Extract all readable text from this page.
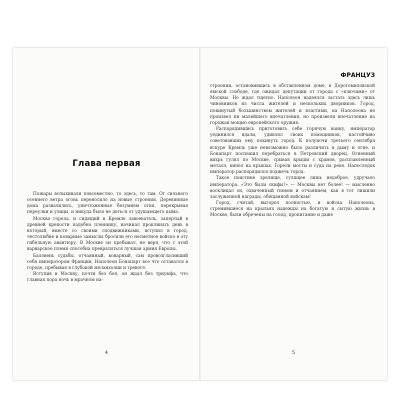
Глава первая

Пожары вспыхивали повсеместно, то здесь, то там. От сильного осеннего ветра огонь переносило на новые строения. Деревянные дома развалились, уничтоженные безумием огня, перекрывая переулки и улицы, и никуда было не деться от удушающего дыма.

Москва горела, и сидящий в Кремле завоеватель, запертый в древней крепости подобно пленнику, начинал проклинать день в который, вместе со своими сподвижниками, вступил в город, честолюбие и коварные замыслы бросили его несметное войско в эту гибельную авантюру. В Москве он пребывал, не веря, что с этой варварское племя способна превратиться лучшая армия Европы.

Баловень судьбы, отчаянный, коварный, сам провозгласивший себя императором Франции, Наполеон Бонапарт все что оставался в городе, пребывая в глубокой меланхолии и тревоге.

Вступив в Москву, почти без боя, он ждал без триумфа, что главная пора ночь в мрачном на-

4
ФРАНЦУЗ

строении, остановившись в обставленном доме, в Дорогомиловской ямской слободе, где ожидал депутации от города с «ключами» от Москвы. Но ждал тщетно. Наполеон надеялся застать здесь лишь чиновников из числа жителей и нескольких дворников. Город, покинутый большинством жителей и властями, на Наполеона не произвел ни малейшего впечатления, но произвели впечатление на горожан мощью европейского оружия.

Распорядившись приготовить себе горячую ванну, император уединился вдали, удивлял своих помощников, настойчиво советовавших ему покинуть город. К полуночи третьего сентября вскуре Кремль уже невозможно было различить в дыму и огне, и Бонапарт поспешил перебраться в Петровский дворец. Огненный вихрь гулял по Москве, срывая крыши с храмов, расплавленный металл, кипел на крышах. Горели мосты и суда на реке. Напоследок император распорядился поджечь город.

Такое поистине зрелище, сулящее лишь недоброе, удручало императора. «Это были скифы!» — Москвы нет более! — мысленно восклицал он, охваченный гневом и отчаянием, как в тот лишили заслуженной награды, обещанной войскам!

Город, считай, выгорел полностью, и войска Наполеона, стремившиеся на крыльях надежды на богатую и сытую жизнь в Москве, были обречены на голод, пропитание и даже

5
